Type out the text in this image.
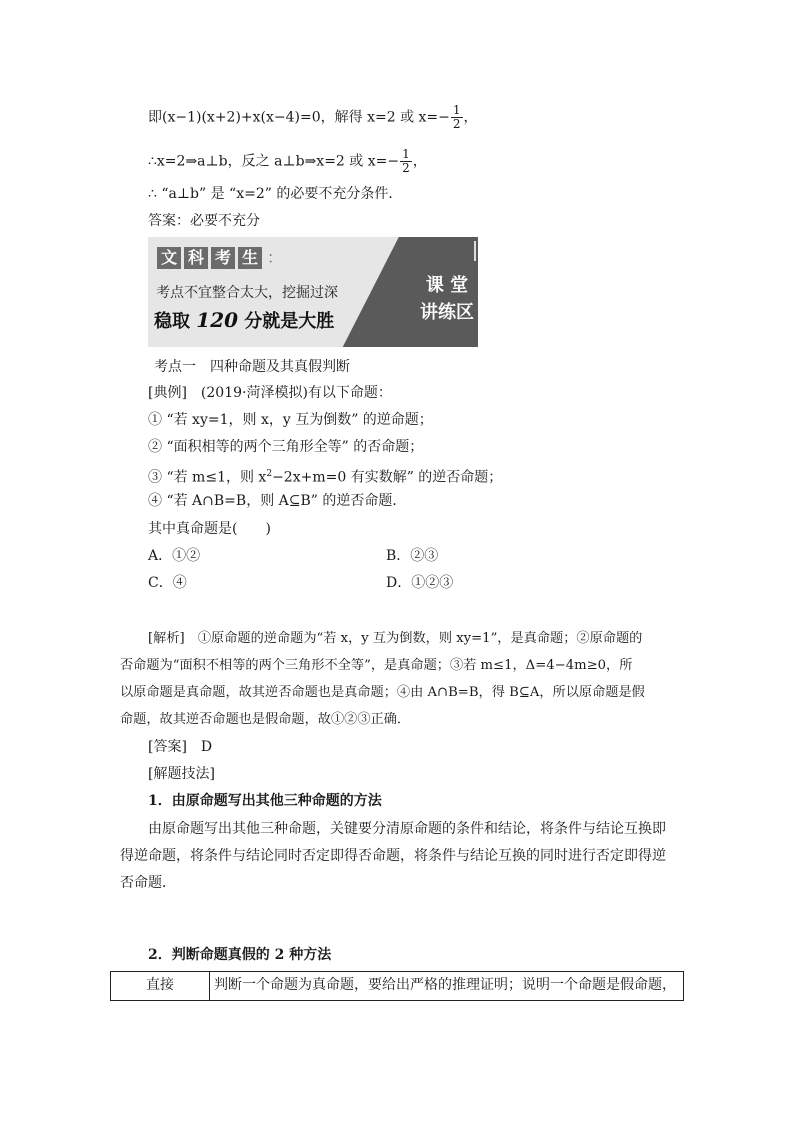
即(x−1)(x+2)+x(x−4)=0，解得 x=2 或 $x=- \frac{1}{2}$ ，
∴x=2⇒a⊥b，反之 a⊥b⇒x=2 或 $x=- \frac{1}{2}$ ，
∴ “a⊥b” 是 “x=2” 的必要不充分条件．
答案：必要不充分
文 科 考 生 ：
考点不宜整合太大，挖掘过深
稳取 120 分就是大胜
课 堂
讲练区
考点一　四种命题及其真假判断
[典例]　(2019·菏泽模拟)有以下命题：
① “若 xy=1，则 x，y 互为倒数” 的逆命题；
② “面积相等的两个三角形全等” 的否命题；
③ “若 m≤1，则 $x^2-2x+m=0$ 有实数解” 的逆否命题；
④ “若 A∩B=B，则 A⊆B” 的逆否命题．
其中真命题是(　　)
A．①②	B．②③
C．④	D．①②③
[解析]　①原命题的逆命题为“若 x，y 互为倒数，则 xy=1”，是真命题；②原命题的
否命题为“面积不相等的两个三角形不全等”，是真命题；③若 m≤1，Δ=4−4m≥0，所
以原命题是真命题，故其逆否命题也是真命题；④由 A∩B=B，得 B⊆A，所以原命题是假
命题，故其逆否命题也是假命题，故①②③正确．
[答案]　D
[解题技法]
1．由原命题写出其他三种命题的方法
由原命题写出其他三种命题，关键要分清原命题的条件和结论，将条件与结论互换即
得逆命题，将条件与结论同时否定即得否命题，将条件与结论互换的同时进行否定即得逆
否命题．
2．判断命题真假的 2 种方法
直接	判断一个命题为真命题，要给出严格的推理证明；说明一个命题是假命题，
